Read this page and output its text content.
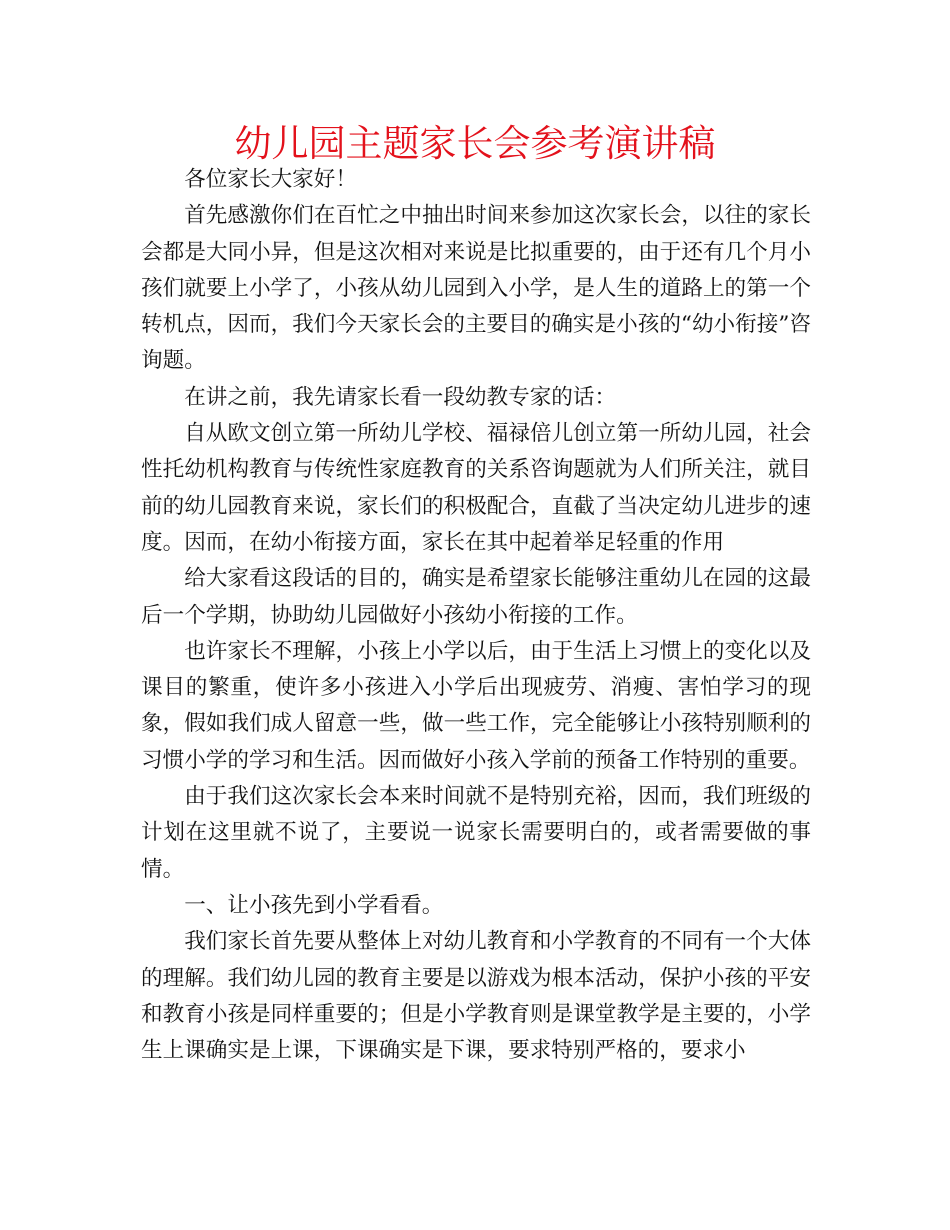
幼儿园主题家长会参考演讲稿

各位家长大家好！

首先感激你们在百忙之中抽出时间来参加这次家长会，以往的家长会都是大同小异，但是这次相对来说是比拟重要的，由于还有几个月小孩们就要上小学了，小孩从幼儿园到入小学，是人生的道路上的第一个转机点，因而，我们今天家长会的主要目的确实是小孩的“幼小衔接”咨询题。

在讲之前，我先请家长看一段幼教专家的话：

自从欧文创立第一所幼儿学校、福禄倍儿创立第一所幼儿园，社会性托幼机构教育与传统性家庭教育的关系咨询题就为人们所关注，就目前的幼儿园教育来说，家长们的积极配合，直截了当决定幼儿进步的速度。因而，在幼小衔接方面，家长在其中起着举足轻重的作用

给大家看这段话的目的，确实是希望家长能够注重幼儿在园的这最后一个学期，协助幼儿园做好小孩幼小衔接的工作。

也许家长不理解，小孩上小学以后，由于生活上习惯上的变化以及课目的繁重，使许多小孩进入小学后出现疲劳、消瘦、害怕学习的现象，假如我们成人留意一些，做一些工作，完全能够让小孩特别顺利的习惯小学的学习和生活。因而做好小孩入学前的预备工作特别的重要。

由于我们这次家长会本来时间就不是特别充裕，因而，我们班级的计划在这里就不说了，主要说一说家长需要明白的，或者需要做的事情。

一、让小孩先到小学看看。

我们家长首先要从整体上对幼儿教育和小学教育的不同有一个大体的理解。我们幼儿园的教育主要是以游戏为根本活动，保护小孩的平安和教育小孩是同样重要的；但是小学教育则是课堂教学是主要的，小学生上课确实是上课，下课确实是下课，要求特别严格的，要求小
